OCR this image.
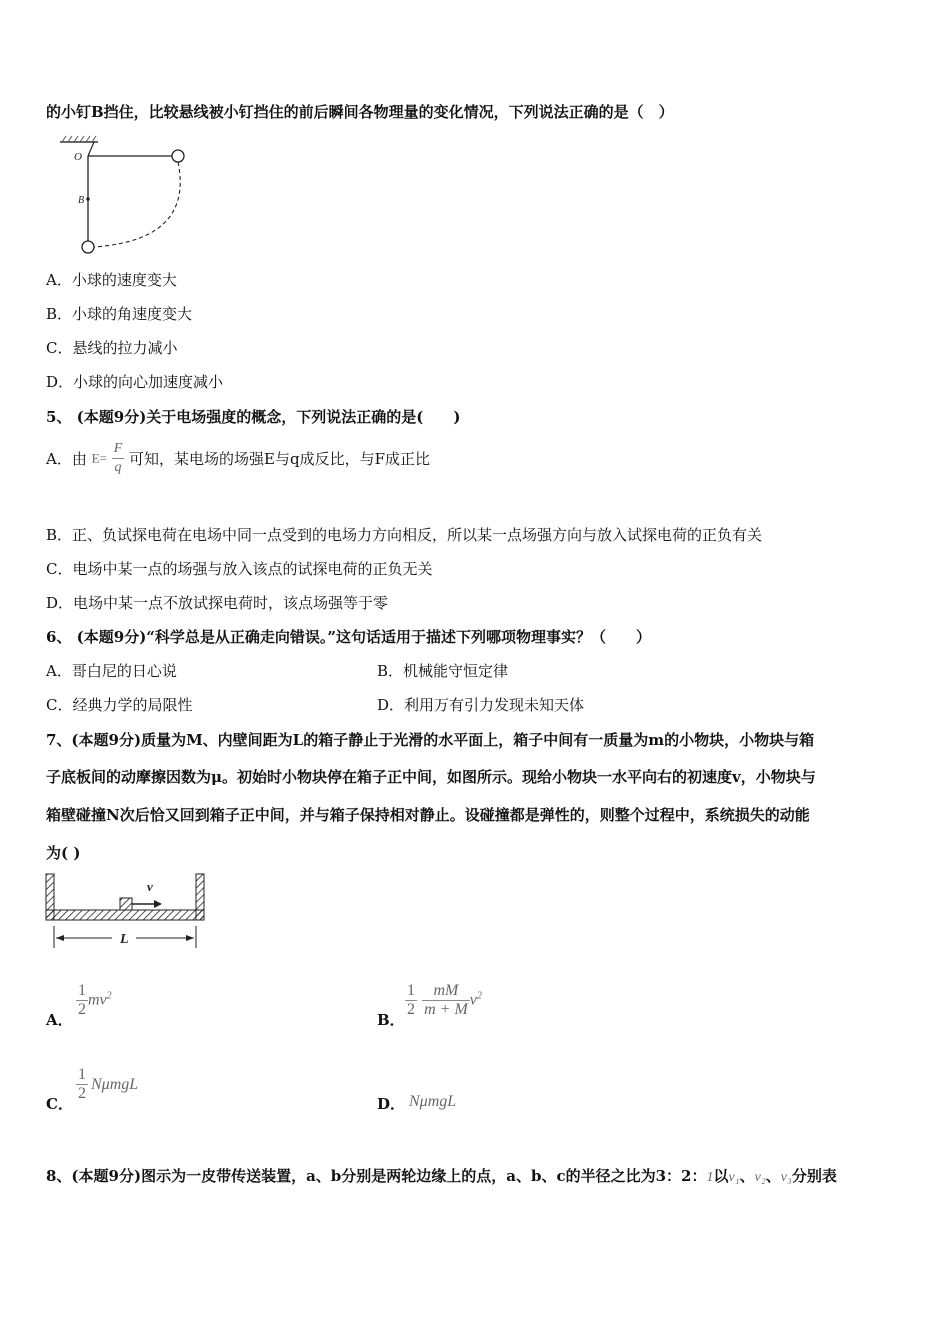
的小钉B挡住，比较悬线被小钉挡住的前后瞬间各物理量的变化情况，下列说法正确的是（　）
O
B
A．小球的速度变大
B．小球的角速度变大
C．悬线的拉力减小
D．小球的向心加速度减小
5、 (本题9分)关于电场强度的概念，下列说法正确的是(　　)
A．由 $E= \frac{F}{q}$ 可知，某电场的场强E与q成反比，与F成正比
B．正、负试探电荷在电场中同一点受到的电场力方向相反，所以某一点场强方向与放入试探电荷的正负有关
C．电场中某一点的场强与放入该点的试探电荷的正负无关
D．电场中某一点不放试探电荷时，该点场强等于零
6、 (本题9分)“科学总是从正确走向错误。”这句话适用于描述下列哪项物理事实？（　　）
A．哥白尼的日心说	B．机械能守恒定律
C．经典力学的局限性	D．利用万有引力发现未知天体
7、(本题9分)质量为M、内壁间距为L的箱子静止于光滑的水平面上，箱子中间有一质量为m的小物块，小物块与箱
子底板间的动摩擦因数为μ。初始时小物块停在箱子正中间，如图所示。现给小物块一水平向右的初速度v，小物块与
箱壁碰撞N次后恰又回到箱子正中间，并与箱子保持相对静止。设碰撞都是弹性的，则整个过程中，系统损失的动能
为( )
v
L
A．
$\frac{1}{2} mv^2$
B．
$\frac{1}{2}$
$\frac{mM}{m + M} v^2$
C．
$\frac{1}{2}$ NμmgL
D． NμmgL
8、(本题9分)图示为一皮带传送装置，a、b分别是两轮边缘上的点，a、b、c的半径之比为3：2：1以v₁、v₂、v₃分别表
